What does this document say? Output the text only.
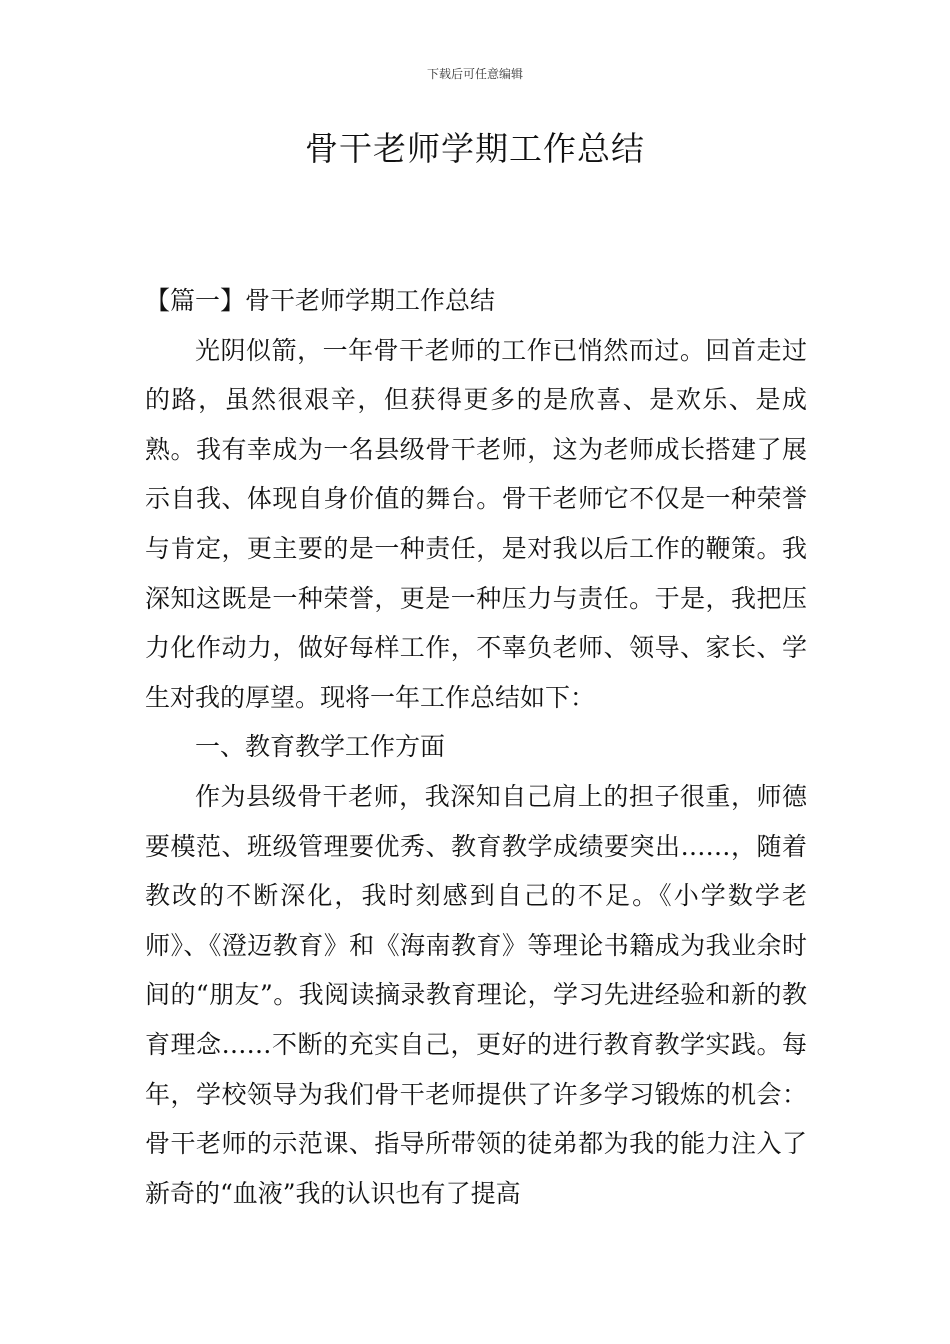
下载后可任意编辑
骨干老师学期工作总结
【篇一】骨干老师学期工作总结

光阴似箭，一年骨干老师的工作已悄然而过。回首走过的路，虽然很艰辛，但获得更多的是欣喜、是欢乐、是成熟。我有幸成为一名县级骨干老师，这为老师成长搭建了展示自我、体现自身价值的舞台。骨干老师它不仅是一种荣誉与肯定，更主要的是一种责任，是对我以后工作的鞭策。我深知这既是一种荣誉，更是一种压力与责任。于是，我把压力化作动力，做好每样工作，不辜负老师、领导、家长、学生对我的厚望。现将一年工作总结如下：

一、教育教学工作方面

作为县级骨干老师，我深知自己肩上的担子很重，师德要模范、班级管理要优秀、教育教学成绩要突出……，随着教改的不断深化，我时刻感到自己的不足。《小学数学老师》、《澄迈教育》和《海南教育》等理论书籍成为我业余时间的“朋友”。我阅读摘录教育理论，学习先进经验和新的教育理念……不断的充实自己，更好的进行教育教学实践。每年，学校领导为我们骨干老师提供了许多学习锻炼的机会：骨干老师的示范课、指导所带领的徒弟都为我的能力注入了新奇的“血液”我的认识也有了提高
